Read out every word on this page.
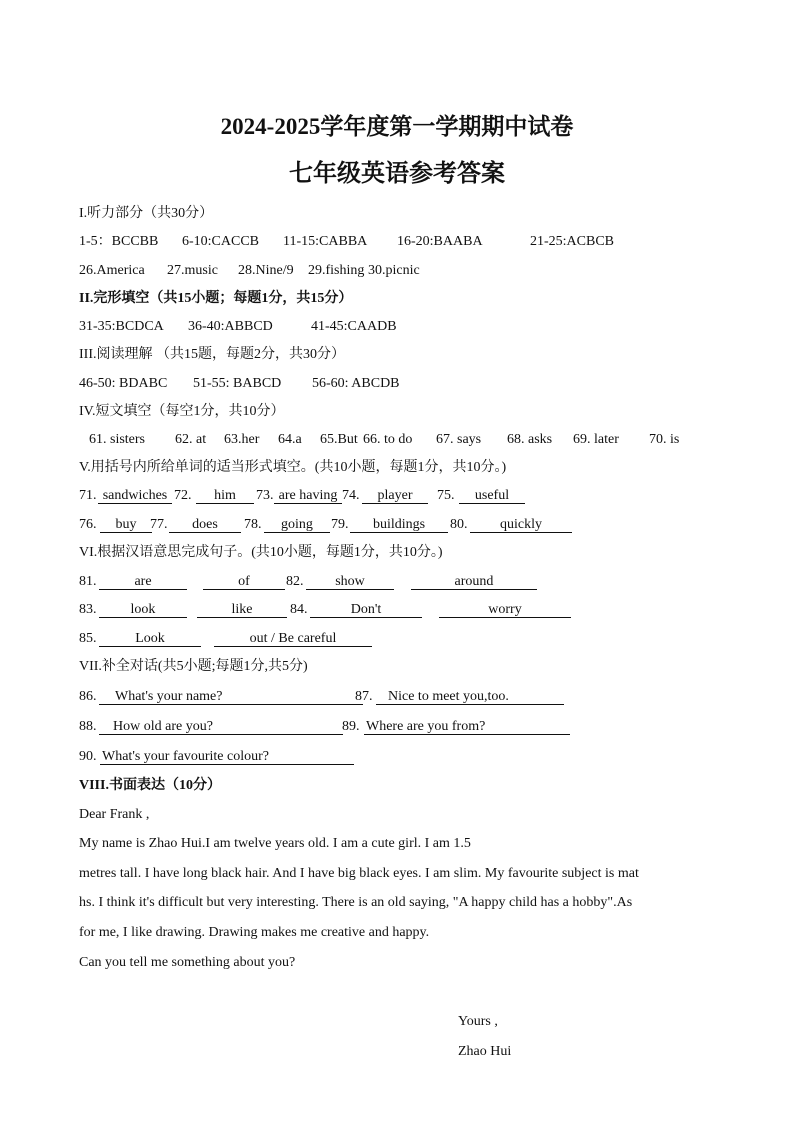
2024-2025学年度第一学期期中试卷
七年级英语参考答案
I.听力部分（共30分）
1-5：BCCBB 6-10:CACCB 11-15:CABBA 16-20:BAABA	21-25:ACBCB
26.America 27.music 28.Nine/9 29.fishing 30.picnic
II.完形填空（共15小题；每题1分，共15分）
31-35:BCDCA 36-40:ABBCD	41-45:CAADB
III.阅读理解 （共15题，每题2分，共30分）
46-50: BDABC 51-55: BABCD 56-60: ABCDB
IV.短文填空（每空1分，共10分）
61. sisters 62. at 63.her 64.a 65.But 66. to do 67. says 68. asks 69. later 70. is
V.用括号内所给单词的适当形式填空。(共10小题，每题1分，共10分。)
71. sandwiches 72.	him	73. are having 74.	player	75.	useful
76.	buy 77.	does	78.	going	79.	buildings	80.	quickly
VI.根据汉语意思完成句子。(共10小题，每题1分，共10分。)
81.	are	of	82.	show	around
83.	look	like	84.	Don't	worry
85.	Look	out / Be careful
VII.补全对话(共5小题;每题1分,共5分)
86.	What's your name?	87.	Nice to meet you,too.
88.	How old are you?	89. Where are you from?
90. What's your favourite colour?
VIII.书面表达（10分）
Dear Frank ,
My name is Zhao Hui.I am twelve years old. I am a cute girl. I am 1.5
metres tall. I have long black hair. And I have big black eyes. I am slim. My favourite subject is mat
hs. I think it's difficult but very interesting. There is an old saying, "A happy child has a hobby".As
for me, I like drawing. Drawing makes me creative and happy.
Can you tell me something about you?
Yours ,
Zhao Hui
